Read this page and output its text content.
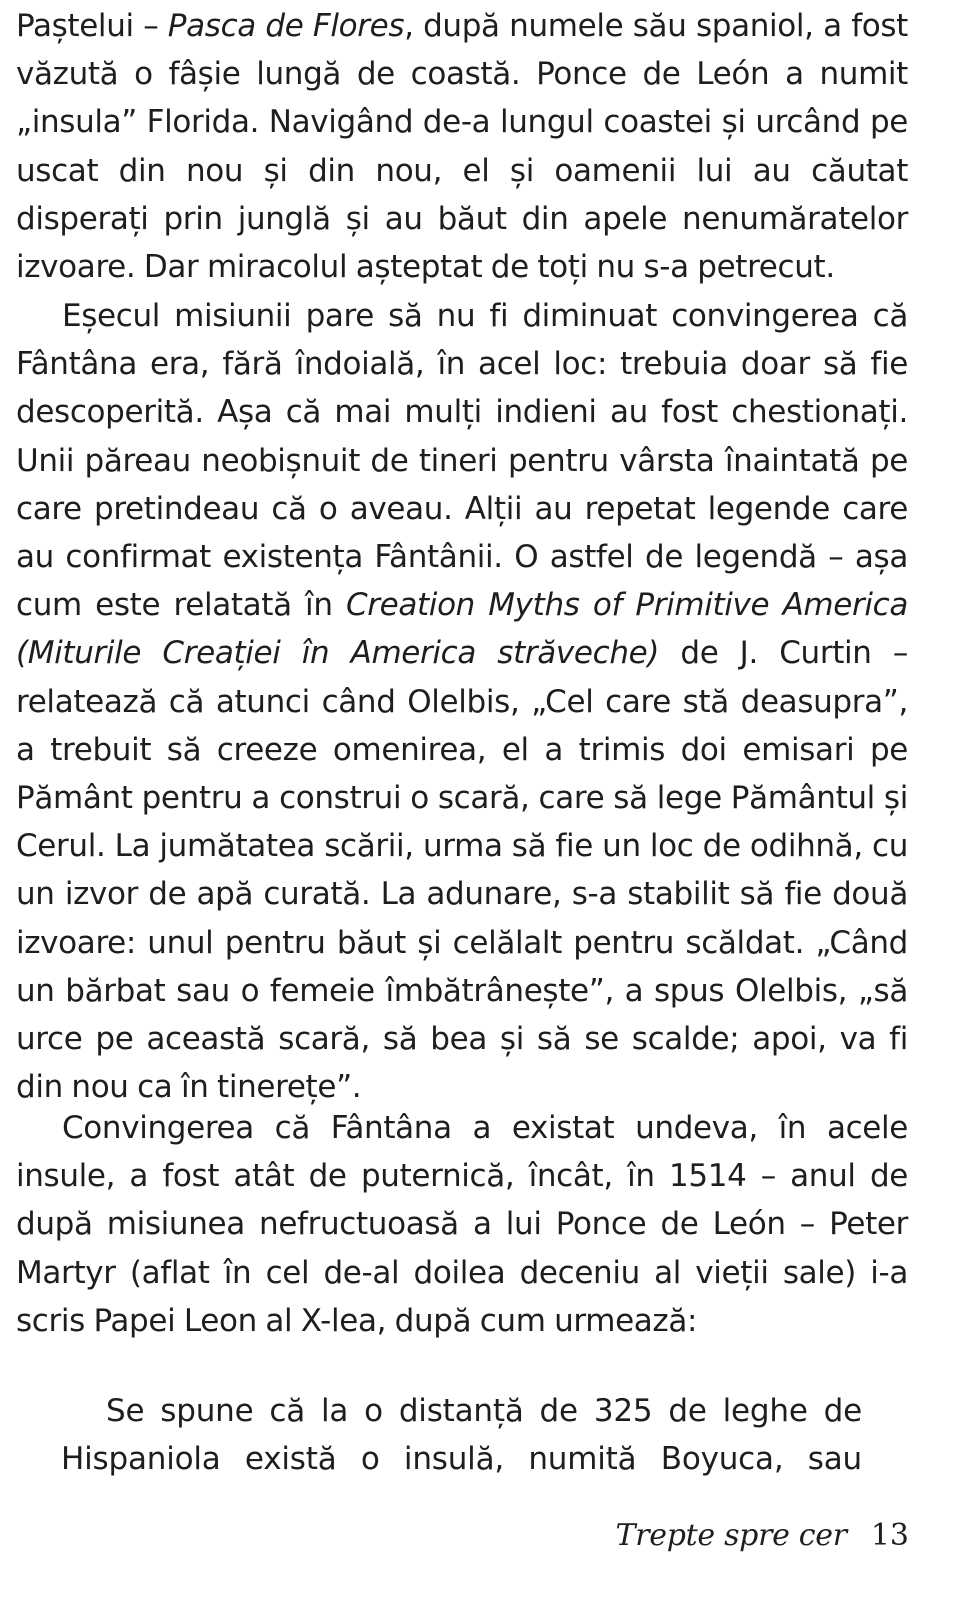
Paștelui – Pasca de Flores, după numele său spaniol, a fost văzută o fâșie lungă de coastă. Ponce de León a numit „insula” Florida. Navigând de-a lungul coastei și urcând pe uscat din nou și din nou, el și oamenii lui au căutat disperați prin junglă și au băut din apele nenumăratelor izvoare. Dar miracolul așteptat de toți nu s-a petrecut.

Eșecul misiunii pare să nu fi diminuat convingerea că Fântâna era, fără îndoială, în acel loc: trebuia doar să fie descoperită. Așa că mai mulți indieni au fost chestionați. Unii păreau neobișnuit de tineri pentru vârsta înaintată pe care pretindeau că o aveau. Alții au repetat legende care au confirmat existența Fântânii. O astfel de legendă – așa cum este relatată în Creation Myths of Primitive America (Miturile Creației în America străveche) de J. Curtin – relatează că atunci când Olelbis, „Cel care stă deasupra”, a trebuit să creeze omenirea, el a trimis doi emisari pe Pământ pentru a construi o scară, care să lege Pământul și Cerul. La jumătatea scării, urma să fie un loc de odihnă, cu un izvor de apă curată. La adunare, s-a stabilit să fie două izvoare: unul pentru băut și celălalt pentru scăldat. „Când un bărbat sau o femeie îmbătrânește”, a spus Olelbis, „să urce pe această scară, să bea și să se scalde; apoi, va fi din nou ca în tinerețe”.

Convingerea că Fântâna a existat undeva, în acele insule, a fost atât de puternică, încât, în 1514 – anul de după misiunea nefructuoasă a lui Ponce de León – Peter Martyr (aflat în cel de-al doilea deceniu al vieții sale) i-a scris Papei Leon al X-lea, după cum urmează:

Se spune că la o distanță de 325 de leghe de Hispaniola există o insulă, numită Boyuca, sau

Trepte spre cer 13
